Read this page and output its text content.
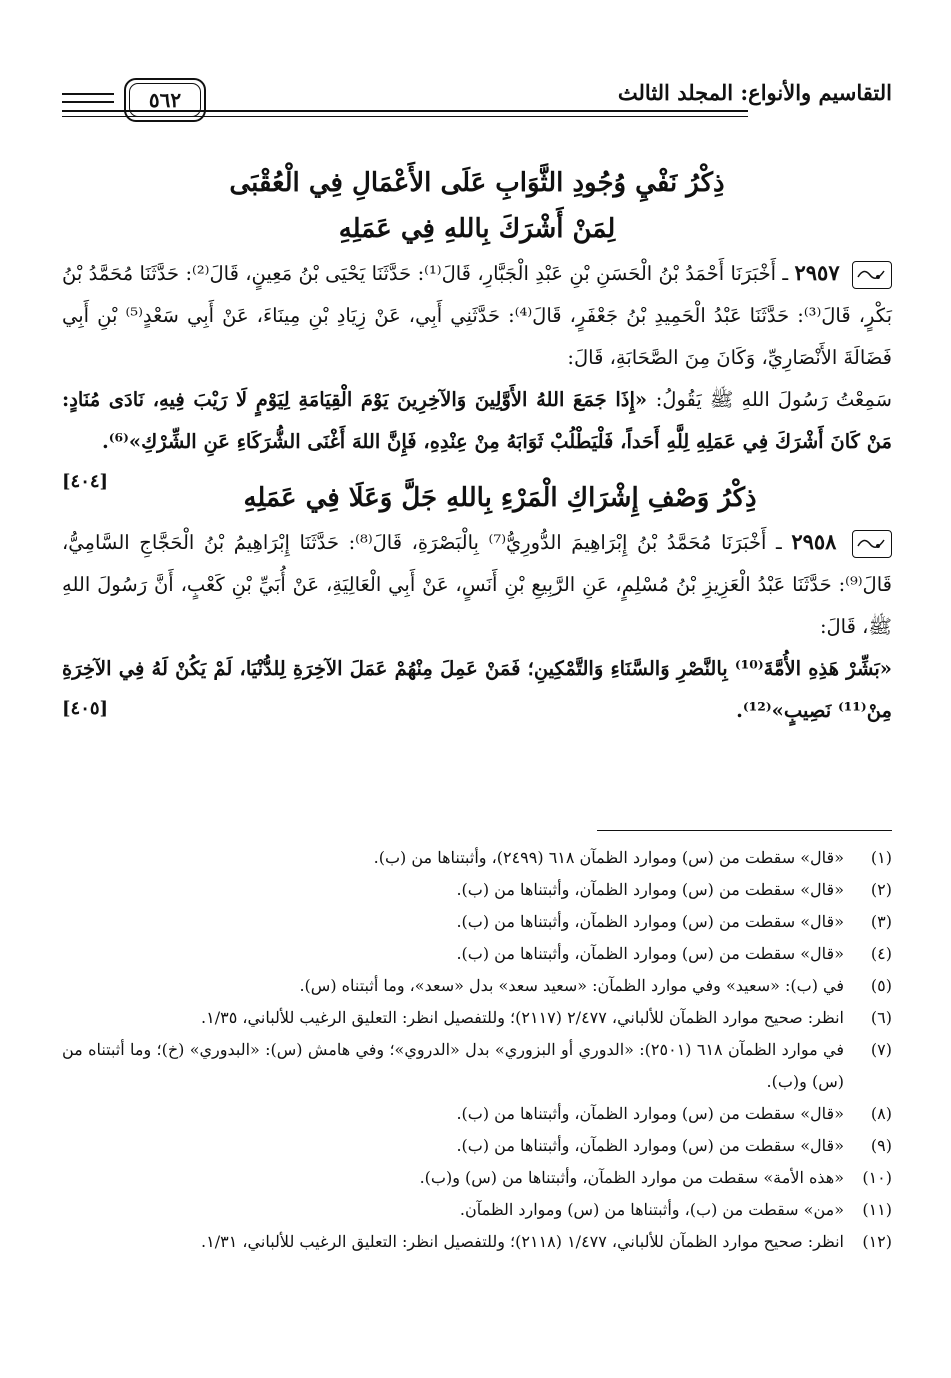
التقاسيم والأنواع: المجلد الثالث
٥٦٢

ذِكْرُ نَفْيِ وُجُودِ الثَّوَابِ عَلَى الأَعْمَالِ فِي الْعُقْبَى

لِمَنْ أَشْرَكَ بِاللهِ فِي عَمَلِهِ

٢٩٥٧ ـ أَخْبَرَنَا أَحْمَدُ بْنُ الْحَسَنِ بْنِ عَبْدِ الْجَبَّارِ، قَالَ⁽¹⁾: حَدَّثَنَا يَحْيَى بْنُ مَعِينٍ، قَالَ⁽²⁾: حَدَّثَنَا مُحَمَّدُ بْنُ بَكْرٍ، قَالَ⁽³⁾: حَدَّثَنَا عَبْدُ الْحَمِيدِ بْنُ جَعْفَرٍ، قَالَ⁽⁴⁾: حَدَّثَنِي أَبِي، عَنْ زِيَادِ بْنِ مِينَاءَ، عَنْ أَبِي سَعْدٍ⁽⁵⁾ بْنِ أَبِي فَضَالَةَ الأَنْصَارِيِّ، وَكَانَ مِنَ الصَّحَابَةِ، قَالَ:

سَمِعْتُ رَسُولَ اللهِ ﷺ يَقُولُ: «إِذَا جَمَعَ اللهُ الأَوَّلِينَ وَالآخِرِينَ يَوْمَ الْقِيَامَةِ لِيَوْمٍ لَا رَيْبَ فِيهِ، نَادَى مُنَادٍ: مَنْ كَانَ أَشْرَكَ فِي عَمَلِهِ لِلَّهِ أَحَداً، فَلْيَطْلُبْ ثَوَابَهُ مِنْ عِنْدِهِ، فَإِنَّ اللهَ أَغْنَى الشُّرَكَاءِ عَنِ الشِّرْكِ»⁽⁶⁾.
[٤٠٤]

ذِكْرُ وَصْفِ إِشْرَاكِ الْمَرْءِ بِاللهِ جَلَّ وَعَلَا فِي عَمَلِهِ

٢٩٥٨ ـ أَخْبَرَنَا مُحَمَّدُ بْنُ إِبْرَاهِيمَ الدُّورِيُّ⁽⁷⁾ بِالْبَصْرَةِ، قَالَ⁽⁸⁾: حَدَّثَنَا إِبْرَاهِيمُ بْنُ الْحَجَّاجِ السَّامِيُّ، قَالَ⁽⁹⁾: حَدَّثَنَا عَبْدُ الْعَزِيزِ بْنُ مُسْلِمٍ، عَنِ الرَّبِيعِ بْنِ أَنَسٍ، عَنْ أَبِي الْعَالِيَةِ، عَنْ أُبَيِّ بْنِ كَعْبٍ، أَنَّ رَسُولَ اللهِ ﷺ، قَالَ:

«بَشِّرْ هَذِهِ الأُمَّةَ⁽¹⁰⁾ بِالنَّصْرِ وَالسَّنَاءِ وَالتَّمْكِينِ؛ فَمَنْ عَمِلَ مِنْهُمْ عَمَلَ الآخِرَةِ لِلدُّنْيَا، لَمْ يَكُنْ لَهُ فِي الآخِرَةِ مِنْ⁽¹¹⁾ نَصِيبٍ»⁽¹²⁾.
[٤٠٥]

(١)
«قال» سقطت من (س) وموارد الظمآن ٦١٨ (٢٤٩٩)، وأثبتناها من (ب).
(٢)
«قال» سقطت من (س) وموارد الظمآن، وأثبتناها من (ب).
(٣)
«قال» سقطت من (س) وموارد الظمآن، وأثبتناها من (ب).
(٤)
«قال» سقطت من (س) وموارد الظمآن، وأثبتناها من (ب).
(٥)
في (ب): «سعيد» وفي موارد الظمآن: «سعيد سعد» بدل «سعد»، وما أثبتناه (س).
(٦)
انظر: صحيح موارد الظمآن للألباني، ٢/٤٧٧ (٢١١٧)؛ وللتفصيل انظر: التعليق الرغيب للألباني، ١/٣٥.
(٧)
في موارد الظمآن ٦١٨ (٢٥٠١): «الدوري أو البزوري» بدل «الدروي»؛ وفي هامش (س): «البدوري» (خ)؛ وما أثبتناه من (س) و(ب).
(٨)
«قال» سقطت من (س) وموارد الظمآن، وأثبتناها من (ب).
(٩)
«قال» سقطت من (س) وموارد الظمآن، وأثبتناها من (ب).
(١٠)
«هذه الأمة» سقطت من موارد الظمآن، وأثبتناها من (س) و(ب).
(١١)
«من» سقطت من (ب)، وأثبتناها من (س) وموارد الظمآن.
(١٢)
انظر: صحيح موارد الظمآن للألباني، ١/٤٧٧ (٢١١٨)؛ وللتفصيل انظر: التعليق الرغيب للألباني، ١/٣١.
